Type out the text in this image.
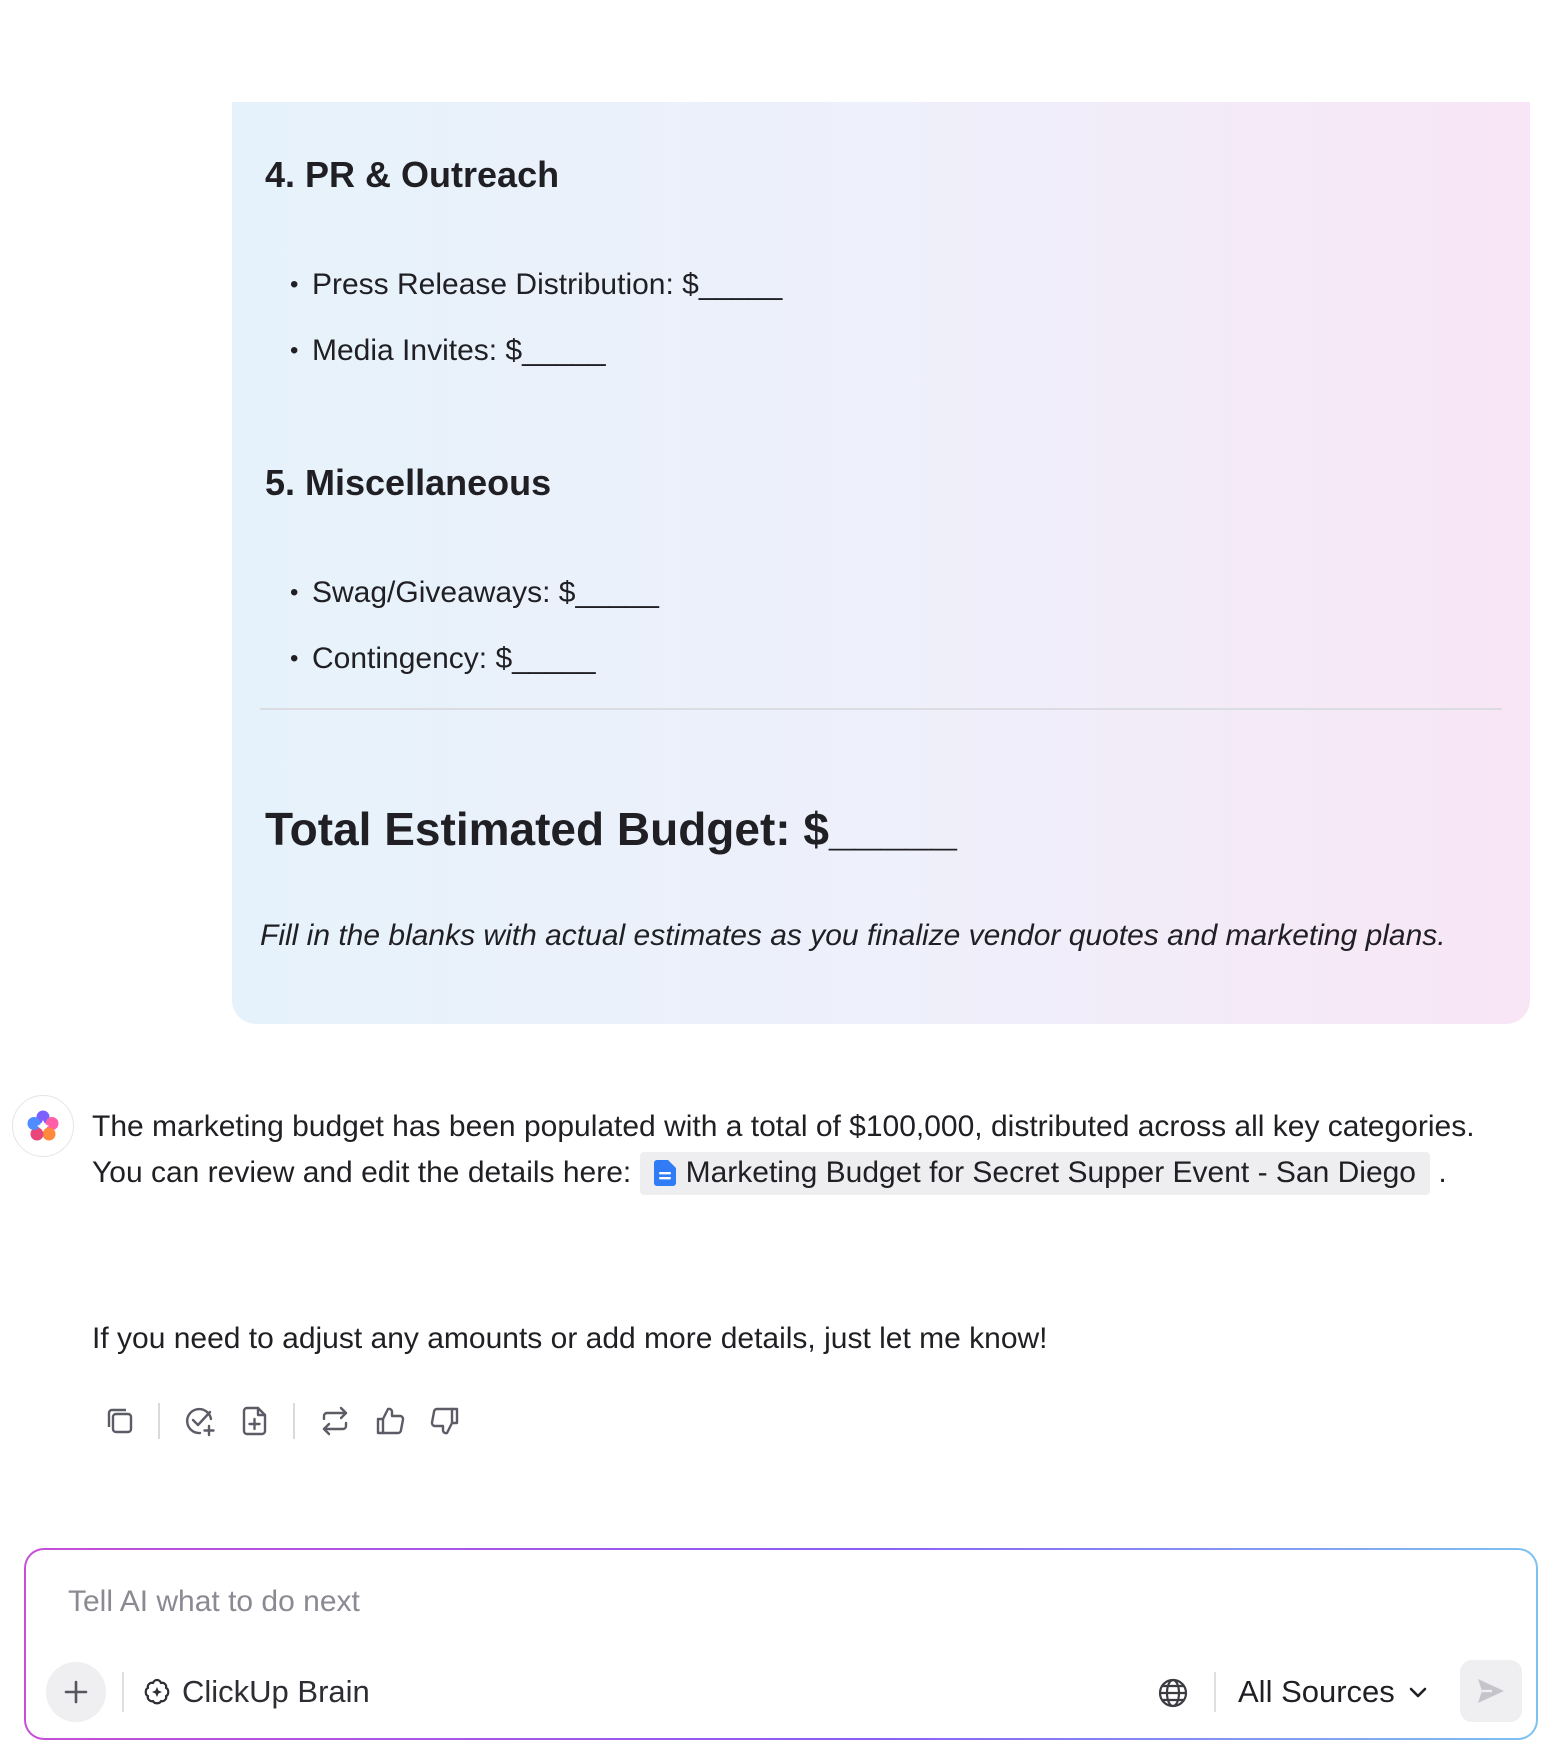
4. PR & Outreach
• Press Release Distribution: $_____
• Media Invites: $_____
5. Miscellaneous
• Swag/Giveaways: $_____
• Contingency: $_____
Total Estimated Budget: $_____
Fill in the blanks with actual estimates as you finalize vendor quotes and marketing plans.
The marketing budget has been populated with a total of $100,000, distributed across all key categories. You can review and edit the details here: Marketing Budget for Secret Supper Event - San Diego .
If you need to adjust any amounts or add more details, just let me know!
Tell AI what to do next
ClickUp Brain	All Sources
